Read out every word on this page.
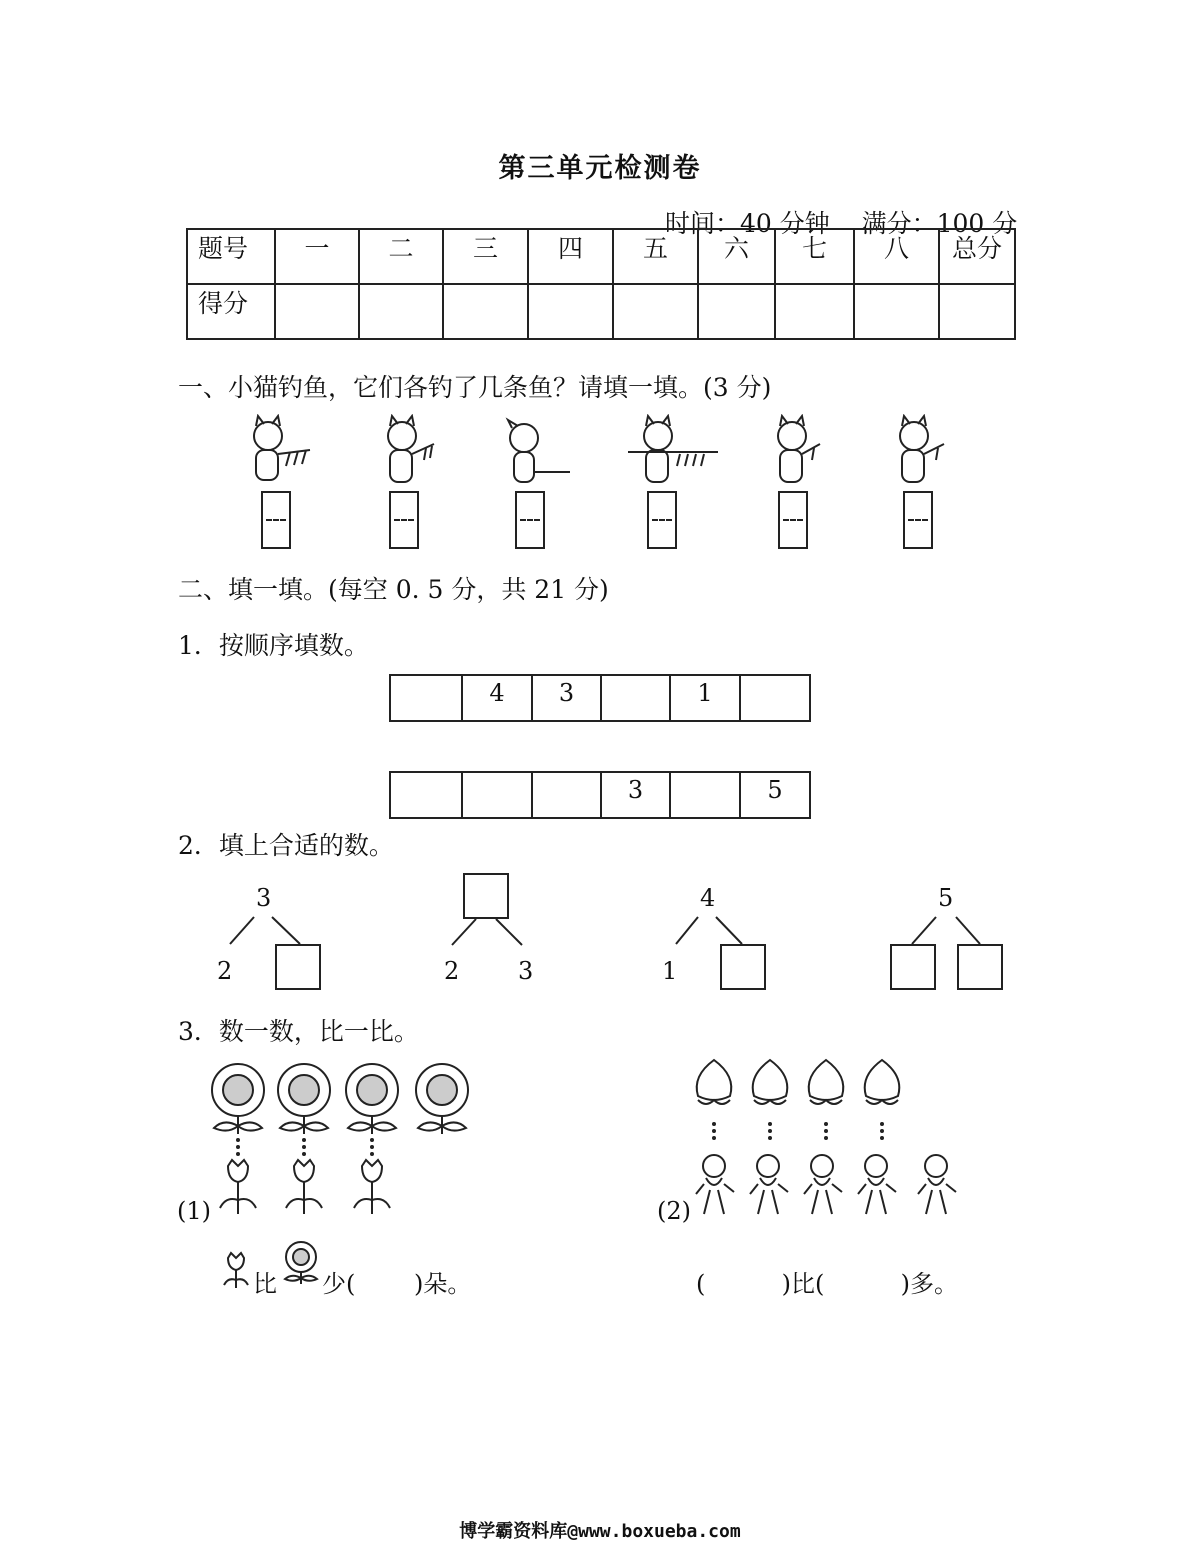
第三单元检测卷
时间：40 分钟 满分：100 分
题号	一	二	三	四	五	六	七	八	总分
得分									
一、小猫钓鱼，它们各钓了几条鱼？请填一填。(3 分)
二、填一填。(每空 0. 5 分，共 21 分)
1．按顺序填数。
	4	3		1	
			3		5
2．填上合适的数。
3
2	2 3
4
1
5
3．数一数，比一比。
(1)	(2)
比 少( )朵。	(          )比(          )多。
博学霸资料库@www.boxueba.com
